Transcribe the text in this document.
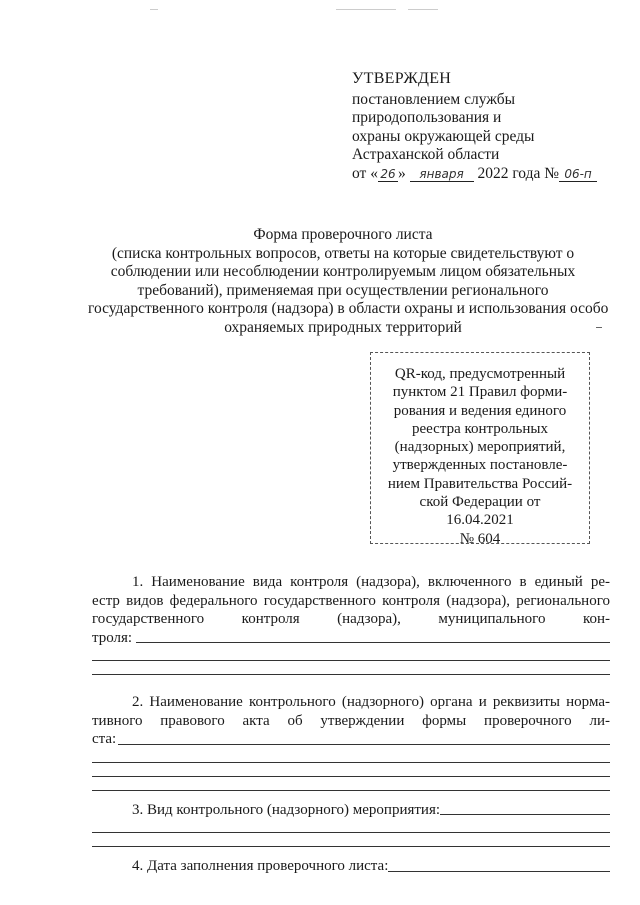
УТВЕРЖДЕН
постановлением службы
природопользования и
охраны окружающей среды
Астраханской области
от « 26 » января 2022 года № 06-п
Форма проверочного листа
(списка контрольных вопросов, ответы на которые свидетельствуют о
соблюдении или несоблюдении контролируемым лицом обязательных
требований), применяемая при осуществлении регионального
государственного контроля (надзора) в области охраны и использования особо
охраняемых природных территорий
QR-код, предусмотренный
пунктом 21 Правил форми-
рования и ведения единого
реестра контрольных
(надзорных) мероприятий,
утвержденных постановле-
нием Правительства Россий-
ской Федерации от
16.04.2021
№ 604
1. Наименование вида контроля (надзора), включенного в единый ре-
естр видов федерального государственного контроля (надзора), регионального
государственного контроля (надзора), муниципального кон-
троля:
2. Наименование контрольного (надзорного) органа и реквизиты норма-
тивного правового акта об утверждении формы проверочного ли-
ста:
3. Вид контрольного (надзорного) мероприятия:
4. Дата заполнения проверочного листа:
